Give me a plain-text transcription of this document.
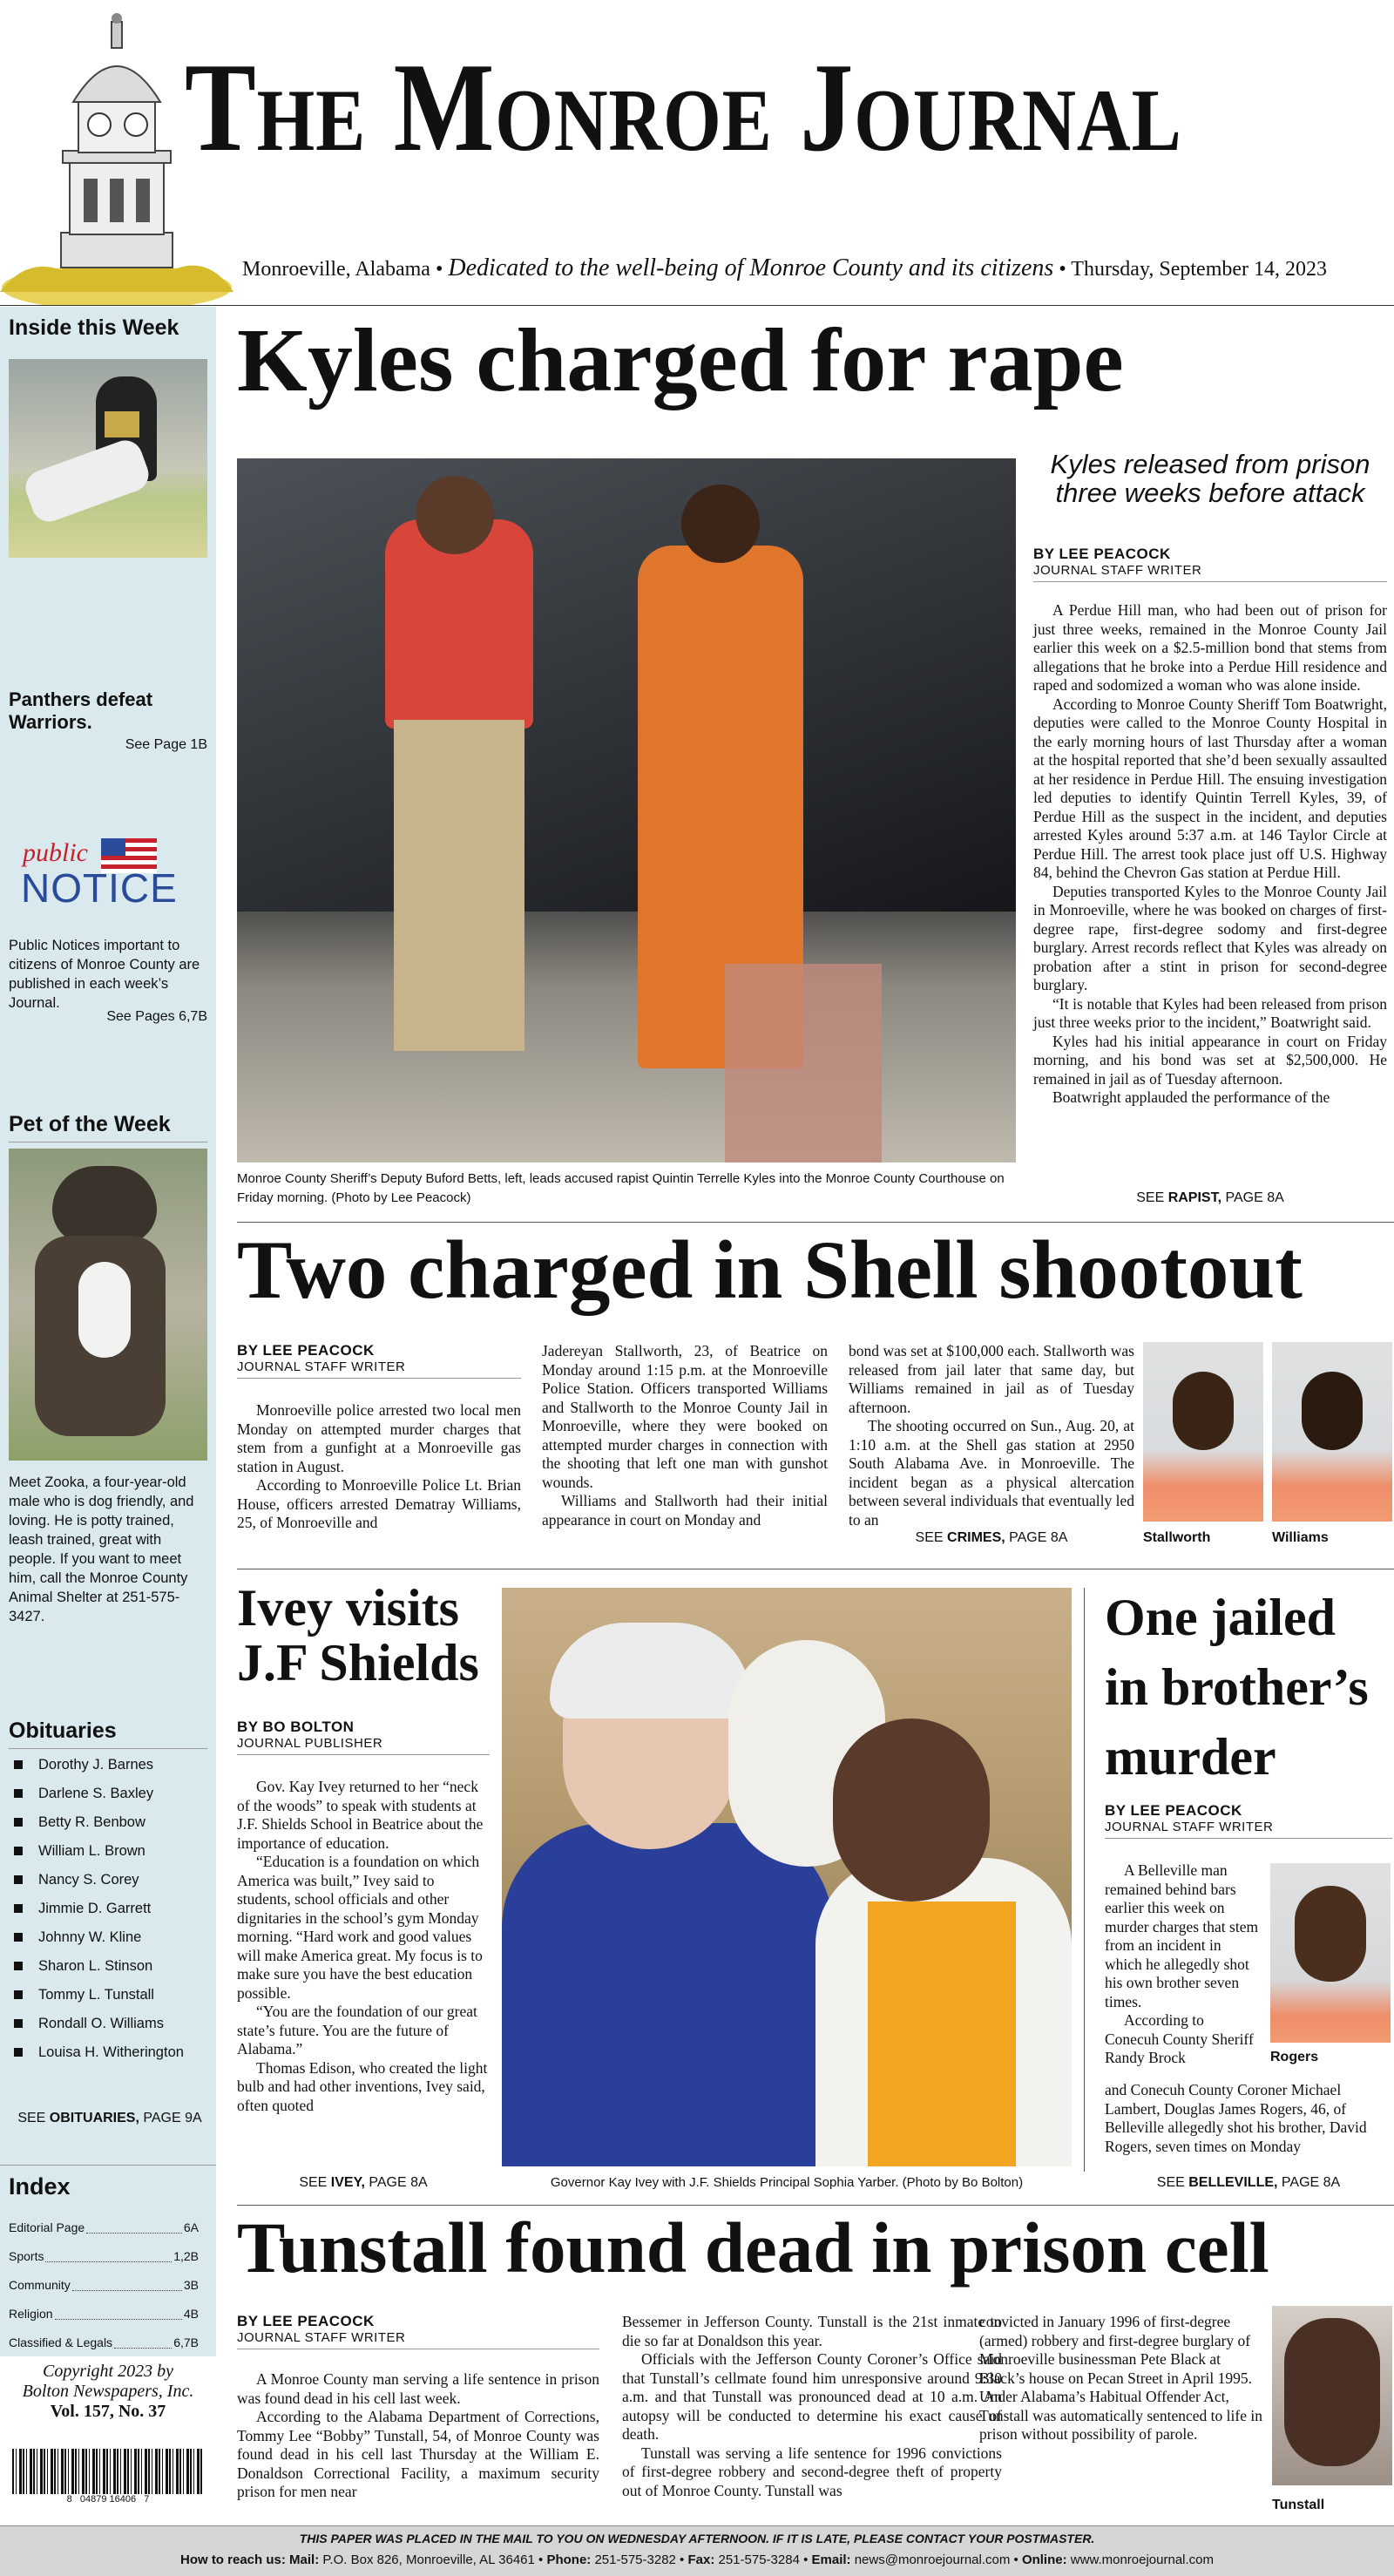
The Monroe Journal
Monroeville, Alabama • Dedicated to the well-being of Monroe County and its citizens • Thursday, September 14, 2023
Inside this Week
Panthers defeat Warriors.
See Page 1B
public
NOTICE
Public Notices important to citizens of Monroe County are published in each week’s Journal.
See Pages 6,7B
Pet of the Week
Meet Zooka, a four-year-old male who is dog friendly, and loving. He is potty trained, leash trained, great with people. If you want to meet him, call the Monroe County Animal Shelter at 251-575-3427.
Obituaries
Dorothy J. Barnes
Darlene S. Baxley
Betty R. Benbow
William L. Brown
Nancy S. Corey
Jimmie D. Garrett
Johnny W. Kline
Sharon L. Stinson
Tommy L. Tunstall
Rondall O. Williams
Louisa H. Witherington
SEE OBITUARIES, PAGE 9A
Index
Editorial Page	6A
Sports	1,2B
Community	3B
Religion	4B
Classified & Legals	6,7B
Copyright 2023 by
Bolton Newspapers, Inc.
Vol. 157, No. 37
8   04879 16406   7
Kyles charged for rape
Monroe County Sheriff’s Deputy Buford Betts, left, leads accused rapist Quintin Terrelle Kyles into the Monroe County Courthouse on Friday morning. (Photo by Lee Peacock)
Kyles released from prison three weeks before attack
BY LEE PEACOCK
JOURNAL STAFF WRITER

A Perdue Hill man, who had been out of prison for just three weeks, remained in the Monroe County Jail earlier this week on a $2.5-million bond that stems from allegations that he broke into a Perdue Hill residence and raped and sodomized a woman who was alone inside.

According to Monroe County Sheriff Tom Boatwright, deputies were called to the Monroe County Hospital in the early morning hours of last Thursday after a woman at the hospital reported that she’d been sexually assaulted at her residence in Perdue Hill. The ensuing investigation led deputies to identify Quintin Terrell Kyles, 39, of Perdue Hill as the suspect in the incident, and deputies arrested Kyles around 5:37 a.m. at 146 Taylor Circle at Perdue Hill. The arrest took place just off U.S. Highway 84, behind the Chevron Gas station at Perdue Hill.

Deputies transported Kyles to the Monroe County Jail in Monroeville, where he was booked on charges of first-degree rape, first-degree sodomy and first-degree burglary. Arrest records reflect that Kyles was already on probation after a stint in prison for second-degree burglary.

“It is notable that Kyles had been released from prison just three weeks prior to the incident,” Boatwright said.

Kyles had his initial appearance in court on Friday morning, and his bond was set at $2,500,000. He remained in jail as of Tuesday afternoon.

Boatwright applauded the performance of the

SEE RAPIST, PAGE 8A
Two charged in Shell shootout
BY LEE PEACOCK
JOURNAL STAFF WRITER

Monroeville police arrested two local men Monday on attempted murder charges that stem from a gunfight at a Monroeville gas station in August.

According to Monroeville Police Lt. Brian House, officers arrested Dematray Williams, 25, of Monroeville and

Jadereyan Stallworth, 23, of Beatrice on Monday around 1:15 p.m. at the Monroeville Police Station. Officers transported Williams and Stallworth to the Monroe County Jail in Monroeville, where they were booked on attempted murder charges in connection with the shooting that left one man with gunshot wounds.

Williams and Stallworth had their initial appearance in court on Monday and

bond was set at $100,000 each. Stallworth was released from jail later that same day, but Williams remained in jail as of Tuesday afternoon.

The shooting occurred on Sun., Aug. 20, at 1:10 a.m. at the Shell gas station at 2950 South Alabama Ave. in Monroeville. The incident began as a physical altercation between several individuals that eventually led to an

SEE CRIMES, PAGE 8A	Stallworth	Williams
Ivey visits J.F Shields
BY BO BOLTON
JOURNAL PUBLISHER

Gov. Kay Ivey returned to her “neck of the woods” to speak with students at J.F. Shields School in Beatrice about the importance of education.

“Education is a foundation on which America was built,” Ivey said to students, school officials and other dignitaries in the school’s gym Monday morning. “Hard work and good values will make America great. My focus is to make sure you have the best education possible.

“You are the foundation of our great state’s future. You are the future of Alabama.”

Thomas Edison, who created the light bulb and had other inventions, Ivey said, often quoted

SEE IVEY, PAGE 8A	Governor Kay Ivey with J.F. Shields Principal Sophia Yarber. (Photo by Bo Bolton)
One jailed in brother’s murder
BY LEE PEACOCK
JOURNAL STAFF WRITER

A Belleville man remained behind bars earlier this week on murder charges that stem from an incident in which he allegedly shot his own brother seven times.

According to Conecuh County Sheriff Randy Brock	Rogers

and Conecuh County Coroner Michael Lambert, Douglas James Rogers, 46, of Belleville allegedly shot his brother, David Rogers, seven times on Monday

SEE BELLEVILLE, PAGE 8A
Tunstall found dead in prison cell
BY LEE PEACOCK
JOURNAL STAFF WRITER

A Monroe County man serving a life sentence in prison was found dead in his cell last week.

According to the Alabama Department of Corrections, Tommy Lee “Bobby” Tunstall, 54, of Monroe County was found dead in his cell last Thursday at the William E. Donaldson Correctional Facility, a maximum security prison for men near

Bessemer in Jefferson County. Tunstall is the 21st inmate to die so far at Donaldson this year.

Officials with the Jefferson County Coroner’s Office said that Tunstall’s cellmate found him unresponsive around 9:30 a.m. and that Tunstall was pronounced dead at 10 a.m. An autopsy will be conducted to determine his exact cause of death.

Tunstall was serving a life sentence for 1996 convictions of first-degree robbery and second-degree theft of property out of Monroe County. Tunstall was

convicted in January 1996 of first-degree (armed) robbery and first-degree burglary of Monroeville businessman Pete Black at Black’s house on Pecan Street in April 1995. Under Alabama’s Habitual Offender Act, Tunstall was automatically sentenced to life in prison without possibility of parole.

Tunstall
THIS PAPER WAS PLACED IN THE MAIL TO YOU ON WEDNESDAY AFTERNOON. IF IT IS LATE, PLEASE CONTACT YOUR POSTMASTER.
How to reach us: Mail: P.O. Box 826, Monroeville, AL 36461 • Phone: 251-575-3282 • Fax: 251-575-3284 • Email: news@monroejournal.com • Online: www.monroejournal.com
